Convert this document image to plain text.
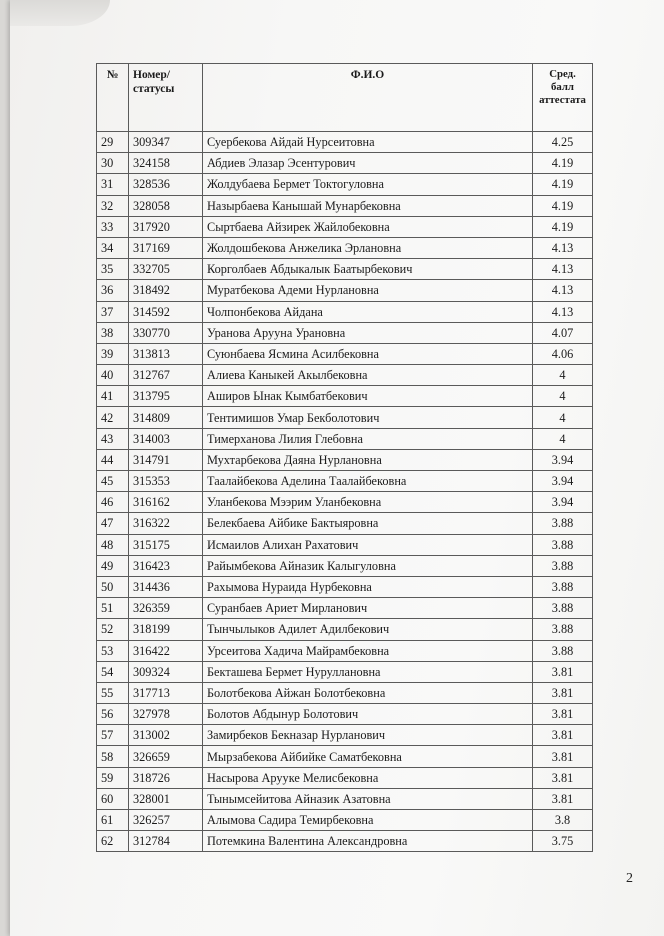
№	Номер/статусы	Ф.И.О	Сред. балл аттестата
29	309347	Суербекова Айдай Нурсеитовна	4.25
30	324158	Абдиев Элазар Эсентурович	4.19
31	328536	Жолдубаева Бермет Токтогуловна	4.19
32	328058	Назырбаева Канышай Мунарбековна	4.19
33	317920	Сыртбаева Айзирек Жайлобековна	4.19
34	317169	Жолдошбекова Анжелика Эрлановна	4.13
35	332705	Корголбаев Абдыкалык Баатырбекович	4.13
36	318492	Муратбекова Адеми Нурлановна	4.13
37	314592	Чолпонбекова Айдана	4.13
38	330770	Уранова Арууна Урановна	4.07
39	313813	Суюнбаева Ясмина Асилбековна	4.06
40	312767	Алиева Каныкей Акылбековна	4
41	313795	Аширов Ынак Кымбатбекович	4
42	314809	Тентимишов Умар Бекболотович	4
43	314003	Тимерханова Лилия Глебовна	4
44	314791	Мухтарбекова Даяна Нурлановна	3.94
45	315353	Таалайбекова Аделина Таалайбековна	3.94
46	316162	Уланбекова Мээрим Уланбековна	3.94
47	316322	Белекбаева Айбике Бактыяровна	3.88
48	315175	Исмаилов Алихан Рахатович	3.88
49	316423	Райымбекова Айназик Калыгуловна	3.88
50	314436	Рахымова Нураида Нурбековна	3.88
51	326359	Суранбаев Ариет Мирланович	3.88
52	318199	Тынчылыков Адилет Адилбекович	3.88
53	316422	Урсеитова Хадича Майрамбековна	3.88
54	309324	Бекташева Бермет Нуруллановна	3.81
55	317713	Болотбекова Айжан Болотбековна	3.81
56	327978	Болотов Абдынур Болотович	3.81
57	313002	Замирбеков Бекназар Нурланович	3.81
58	326659	Мырзабекова Айбийке Саматбековна	3.81
59	318726	Насырова Арууке Мелисбековна	3.81
60	328001	Тынымсейитова Айназик Азатовна	3.81
61	326257	Алымова Садира Темирбековна	3.8
62	312784	Потемкина Валентина Александровна	3.75
2
